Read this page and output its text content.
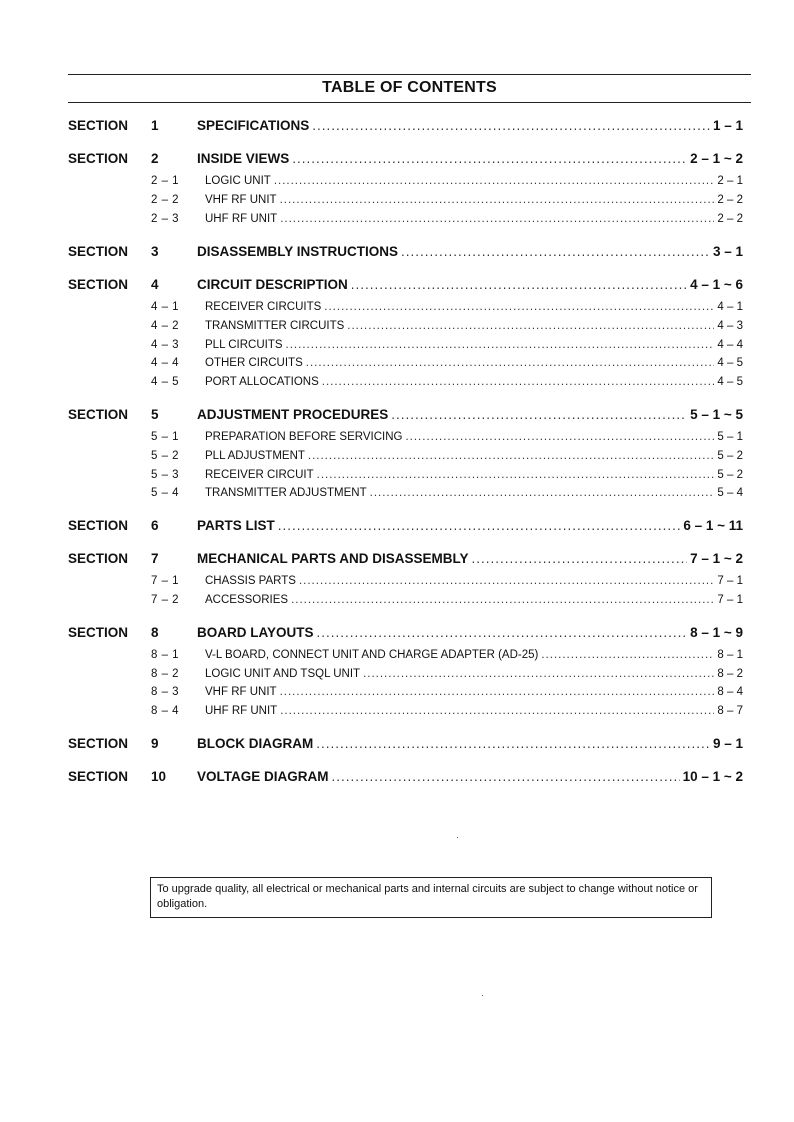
TABLE OF CONTENTS
SECTION 1	SPECIFICATIONS .....	1 – 1
SECTION 2	INSIDE VIEWS .....	2 – 1 ~ 2
2 – 1 LOGIC UNIT .....	2 – 1
2 – 2 VHF RF UNIT .....	2 – 2
2 – 3 UHF RF UNIT .....	2 – 2
SECTION 3	DISASSEMBLY INSTRUCTIONS .....	3 – 1
SECTION 4	CIRCUIT DESCRIPTION .....	4 – 1 ~ 6
4 – 1 RECEIVER CIRCUITS .....	4 – 1
4 – 2 TRANSMITTER CIRCUITS .....	4 – 3
4 – 3 PLL CIRCUITS .....	4 – 4
4 – 4 OTHER CIRCUITS .....	4 – 5
4 – 5 PORT ALLOCATIONS .....	4 – 5
SECTION 5	ADJUSTMENT PROCEDURES .....	5 – 1 ~ 5
5 – 1 PREPARATION BEFORE SERVICING .....	5 – 1
5 – 2 PLL ADJUSTMENT .....	5 – 2
5 – 3 RECEIVER CIRCUIT .....	5 – 2
5 – 4 TRANSMITTER ADJUSTMENT .....	5 – 4
SECTION 6	PARTS LIST .....	6 – 1 ~ 11
SECTION 7	MECHANICAL PARTS AND DISASSEMBLY .....	7 – 1 ~ 2
7 – 1 CHASSIS PARTS .....	7 – 1
7 – 2 ACCESSORIES .....	7 – 1
SECTION 8	BOARD LAYOUTS .....	8 – 1 ~ 9
8 – 1 V-L BOARD, CONNECT UNIT AND CHARGE ADAPTER (AD-25) .....	8 – 1
8 – 2 LOGIC UNIT AND TSQL UNIT .....	8 – 2
8 – 3 VHF RF UNIT .....	8 – 4
8 – 4 UHF RF UNIT .....	8 – 7
SECTION 9	BLOCK DIAGRAM .....	9 – 1
SECTION 10 VOLTAGE DIAGRAM .....	10 – 1 ~ 2
To upgrade quality, all electrical or mechanical parts and internal circuits are subject to change without notice or obligation.
